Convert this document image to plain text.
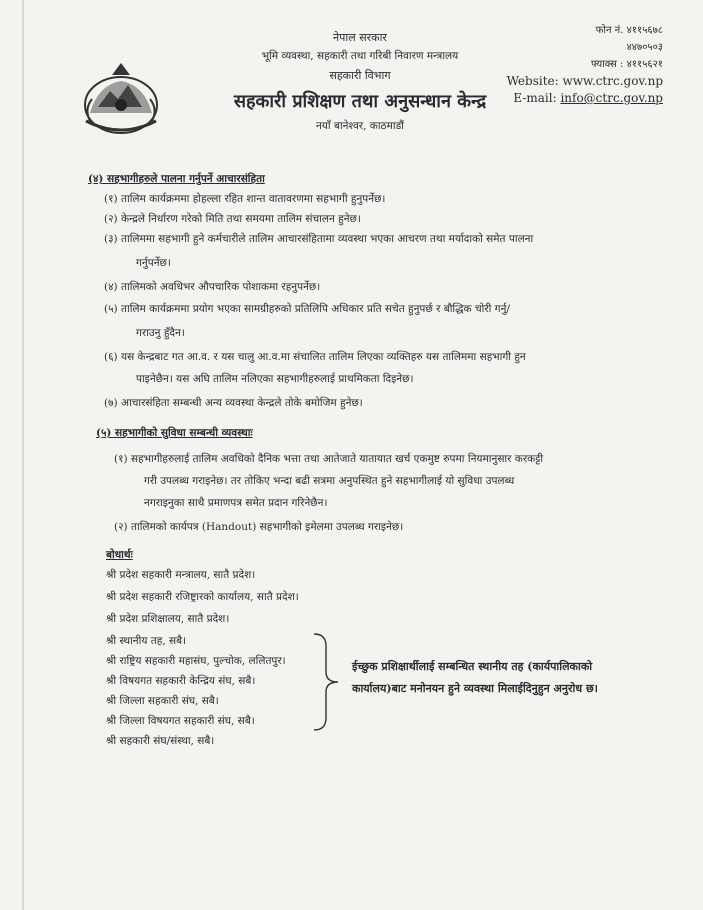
नेपाल सरकार
भूमि व्यवस्था, सहकारी तथा गरिबी निवारण मन्त्रालय
सहकारी विभाग
सहकारी प्रशिक्षण तथा अनुसन्धान केन्द्र
नयाँ बानेश्वर, काठमाडौं
फोन नं. ४११५६७८
४४७०५०३
फ्याक्स : ४११५६२१
Website: www.ctrc.gov.np
E-mail: info@ctrc.gov.np
(४) सहभागीहरुले पालना गर्नुपर्ने आचारसंहिता
(१) तालिम कार्यक्रममा होहल्ला रहित शान्त वातावरणमा सहभागी हुनुपर्नेछ।
(२) केन्द्रले निर्धारण गरेको मिति तथा समयमा तालिम संचालन हुनेछ।
(३) तालिममा सहभागी हुने कर्मचारीले तालिम आचारसंहितामा व्यवस्था भएका आचरण तथा मर्यादाको समेत पालना
गर्नुपर्नेछ।
(४) तालिमको अवधिभर औपचारिक पोशाकमा रहनुपर्नेछ।
(५) तालिम कार्यक्रममा प्रयोग भएका सामग्रीहरुको प्रतिलिपि अधिकार प्रति सचेत हुनुपर्छ र बौद्धिक चोरी गर्नु/
गराउनु हुँदैन।
(६) यस केन्द्रबाट गत आ.व. र यस चालु आ.व.मा संचालित तालिम लिएका व्यक्तिहरु यस तालिममा सहभागी हुन
पाइनेछैन। यस अघि तालिम नलिएका सहभागीहरुलाई प्राथमिकता दिइनेछ।
(७) आचारसंहिता सम्बन्धी अन्य व्यवस्था केन्द्रले तोके बमोजिम हुनेछ।
(५) सहभागीको सुविधा सम्बन्धी व्यवस्थाः
(१) सहभागीहरुलाई तालिम अवधिको दैनिक भत्ता तथा आतेजाते यातायात खर्च एकमुष्ट रुपमा नियमानुसार करकट्टी
गरी उपलब्ध गराइनेछ। तर तोकिए भन्दा बढी सत्रमा अनुपस्थित हुने सहभागीलाई यो सुविधा उपलब्ध
नगराइनुका साथै प्रमाणपत्र समेत प्रदान गरिनेछैन।
(२) तालिमको कार्यपत्र (Handout) सहभागीको इमेलमा उपलब्ध गराइनेछ।
बोधार्थः
श्री प्रदेश सहकारी मन्त्रालय, सातै प्रदेश।
श्री प्रदेश सहकारी रजिष्ट्रारको कार्यालय, सातै प्रदेश।
श्री प्रदेश प्रशिक्षालय, सातै प्रदेश।
श्री स्थानीय तह, सबै।
श्री राष्ट्रिय सहकारी महासंघ, पुल्चोक, ललितपुर।
श्री विषयगत सहकारी केन्द्रिय संघ, सबै।
श्री जिल्ला सहकारी संघ, सबै।
श्री जिल्ला विषयगत सहकारी संघ, सबै।
श्री सहकारी संघ/संस्था, सबै।
ईच्छुक प्रशिक्षार्थीलाई सम्बन्धित स्थानीय तह (कार्यपालिकाको
कार्यालय)बाट मनोनयन हुने व्यवस्था मिलाईदिनुहुन अनुरोध छ।
